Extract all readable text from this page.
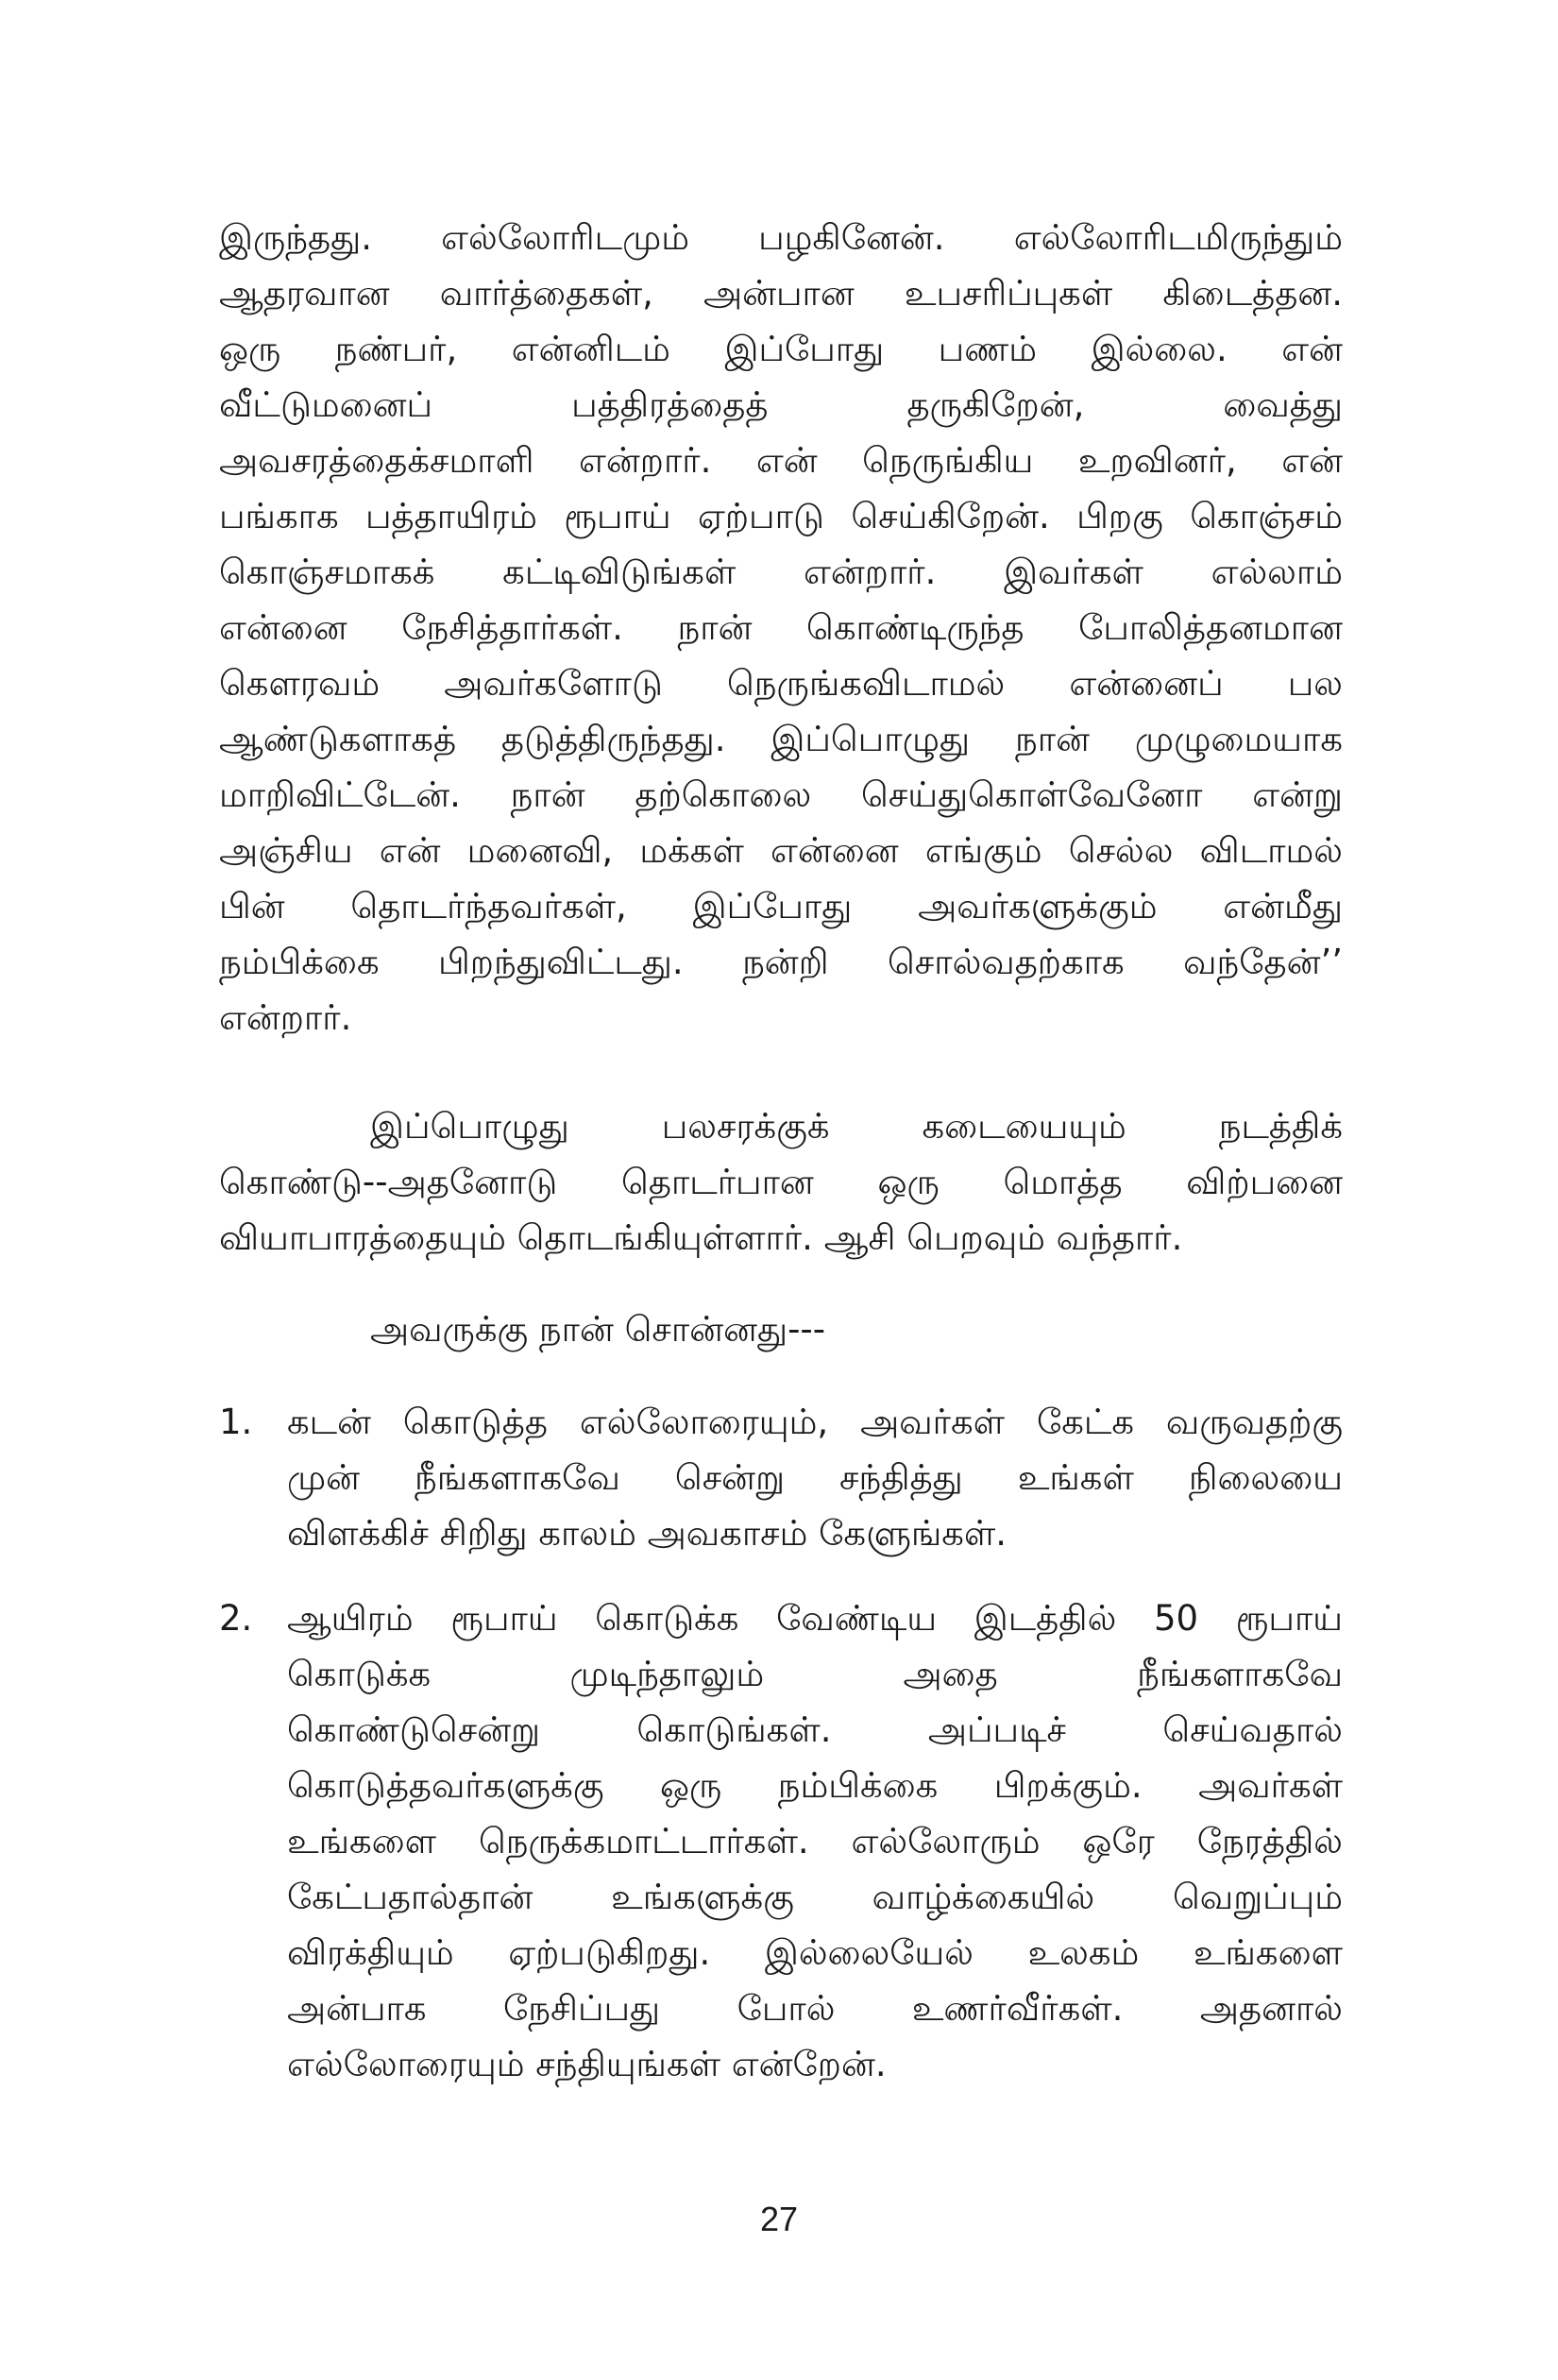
இருந்தது. எல்லோரிடமும் பழகினேன். எல்லோரிடமிருந்தும்
ஆதரவான வார்த்தைகள், அன்பான உபசரிப்புகள் கிடைத்தன.
ஒரு நண்பர், என்னிடம் இப்போது பணம் இல்லை. என்
வீட்டுமனைப் பத்திரத்தைத் தருகிறேன், வைத்து
அவசரத்தைக்சமாளி என்றார். என் நெருங்கிய உறவினர், என்
பங்காக பத்தாயிரம் ரூபாய் ஏற்பாடு செய்கிறேன். பிறகு கொஞ்சம்
கொஞ்சமாகக் கட்டிவிடுங்கள் என்றார். இவர்கள் எல்லாம்
என்னை நேசித்தார்கள். நான் கொண்டிருந்த போலித்தனமான
கௌரவம் அவர்களோடு நெருங்கவிடாமல் என்னைப் பல
ஆண்டுகளாகத் தடுத்திருந்தது. இப்பொழுது நான் முழுமையாக
மாறிவிட்டேன். நான் தற்கொலை செய்துகொள்வேனோ என்று
அஞ்சிய என் மனைவி, மக்கள் என்னை எங்கும் செல்ல விடாமல்
பின் தொடர்ந்தவர்கள், இப்போது அவர்களுக்கும் என்மீது
நம்பிக்கை பிறந்துவிட்டது. நன்றி சொல்வதற்காக வந்தேன்’’
என்றார்.
இப்பொழுது பலசரக்குக் கடையையும் நடத்திக்
கொண்டு--அதனோடு தொடர்பான ஒரு மொத்த விற்பனை
வியாபாரத்தையும் தொடங்கியுள்ளார். ஆசி பெறவும் வந்தார்.
அவருக்கு நான் சொன்னது---
1. கடன் கொடுத்த எல்லோரையும், அவர்கள் கேட்க வருவதற்கு
முன் நீங்களாகவே சென்று சந்தித்து உங்கள் நிலையை
விளக்கிச் சிறிது காலம் அவகாசம் கேளுங்கள்.
2. ஆயிரம் ரூபாய் கொடுக்க வேண்டிய இடத்தில் 50 ரூபாய்
கொடுக்க முடிந்தாலும் அதை நீங்களாகவே
கொண்டுசென்று கொடுங்கள். அப்படிச் செய்வதால்
கொடுத்தவர்களுக்கு ஒரு நம்பிக்கை பிறக்கும். அவர்கள்
உங்களை நெருக்கமாட்டார்கள். எல்லோரும் ஒரே நேரத்தில்
கேட்பதால்தான் உங்களுக்கு வாழ்க்கையில் வெறுப்பும்
விரக்தியும் ஏற்படுகிறது. இல்லையேல் உலகம் உங்களை
அன்பாக நேசிப்பது போல் உணர்வீர்கள். அதனால்
எல்லோரையும் சந்தியுங்கள் என்றேன்.
27
